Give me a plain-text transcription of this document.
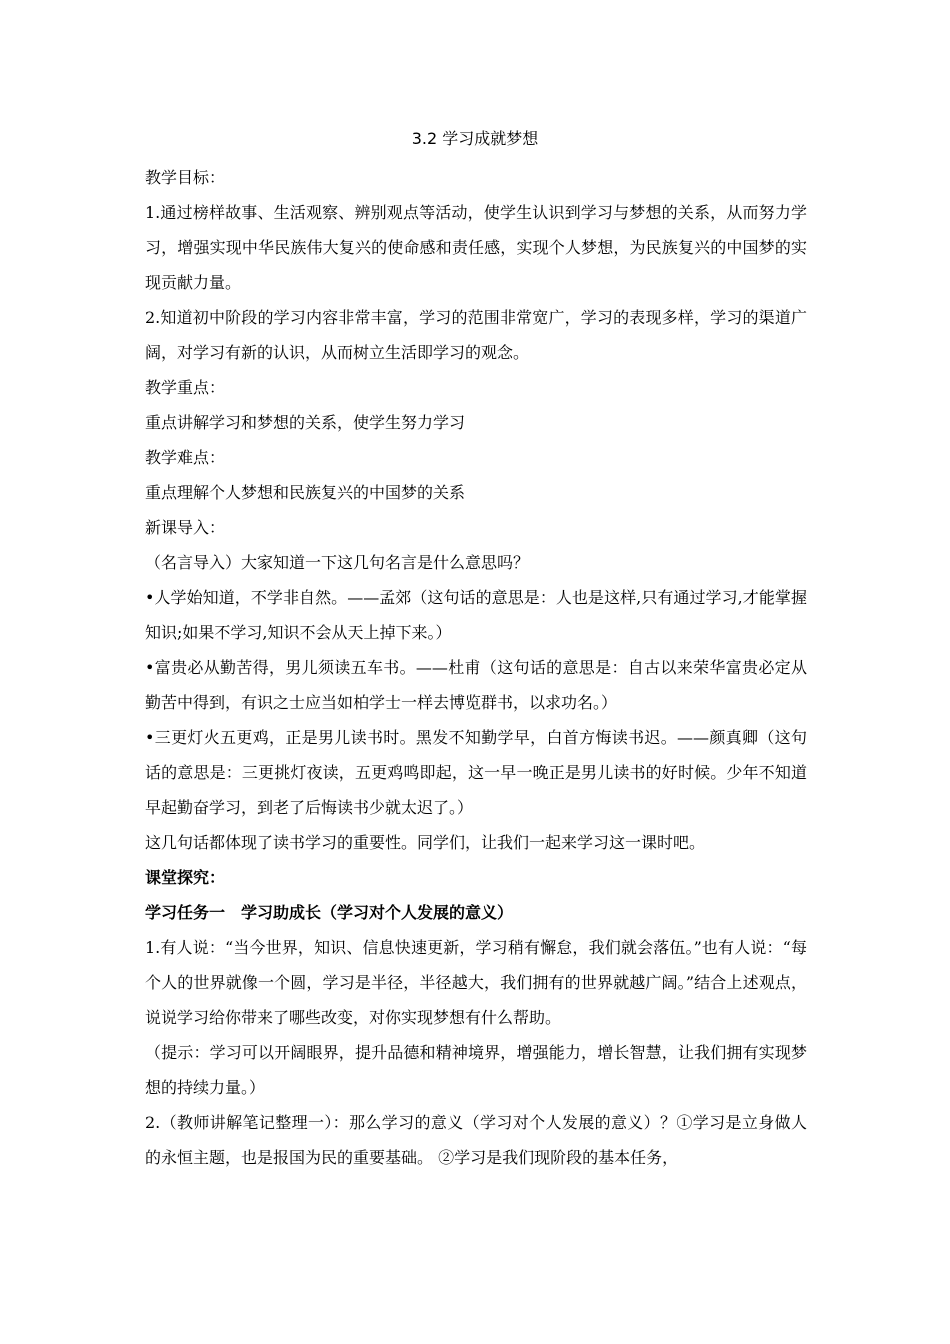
3.2 学习成就梦想

教学目标：

1.通过榜样故事、生活观察、辨别观点等活动，使学生认识到学习与梦想的关系，从而努力学习，增强实现中华民族伟大复兴的使命感和责任感，实现个人梦想，为民族复兴的中国梦的实现贡献力量。

2.知道初中阶段的学习内容非常丰富，学习的范围非常宽广，学习的表现多样，学习的渠道广阔，对学习有新的认识，从而树立生活即学习的观念。

教学重点：

重点讲解学习和梦想的关系，使学生努力学习

教学难点：

重点理解个人梦想和民族复兴的中国梦的关系

新课导入：

（名言导入）大家知道一下这几句名言是什么意思吗？

•人学始知道，不学非自然。——孟郊（这句话的意思是：人也是这样,只有通过学习,才能掌握知识;如果不学习,知识不会从天上掉下来。）

•富贵必从勤苦得，男儿须读五车书。——杜甫（这句话的意思是：自古以来荣华富贵必定从勤苦中得到，有识之士应当如柏学士一样去博览群书，以求功名。）

•三更灯火五更鸡，正是男儿读书时。黑发不知勤学早，白首方悔读书迟。——颜真卿（这句话的意思是：三更挑灯夜读，五更鸡鸣即起，这一早一晚正是男儿读书的好时候。少年不知道早起勤奋学习，到老了后悔读书少就太迟了。）

这几句话都体现了读书学习的重要性。同学们，让我们一起来学习这一课时吧。

课堂探究：

学习任务一　学习助成长（学习对个人发展的意义）

1.有人说：“当今世界，知识、信息快速更新，学习稍有懈怠，我们就会落伍。”也有人说：“每个人的世界就像一个圆，学习是半径，半径越大，我们拥有的世界就越广阔。”结合上述观点，说说学习给你带来了哪些改变，对你实现梦想有什么帮助。

（提示：学习可以开阔眼界，提升品德和精神境界，增强能力，增长智慧，让我们拥有实现梦想的持续力量。）

2.（教师讲解笔记整理一）：那么学习的意义（学习对个人发展的意义）？①学习是立身做人的永恒主题，也是报国为民的重要基础。 ②学习是我们现阶段的基本任务，
